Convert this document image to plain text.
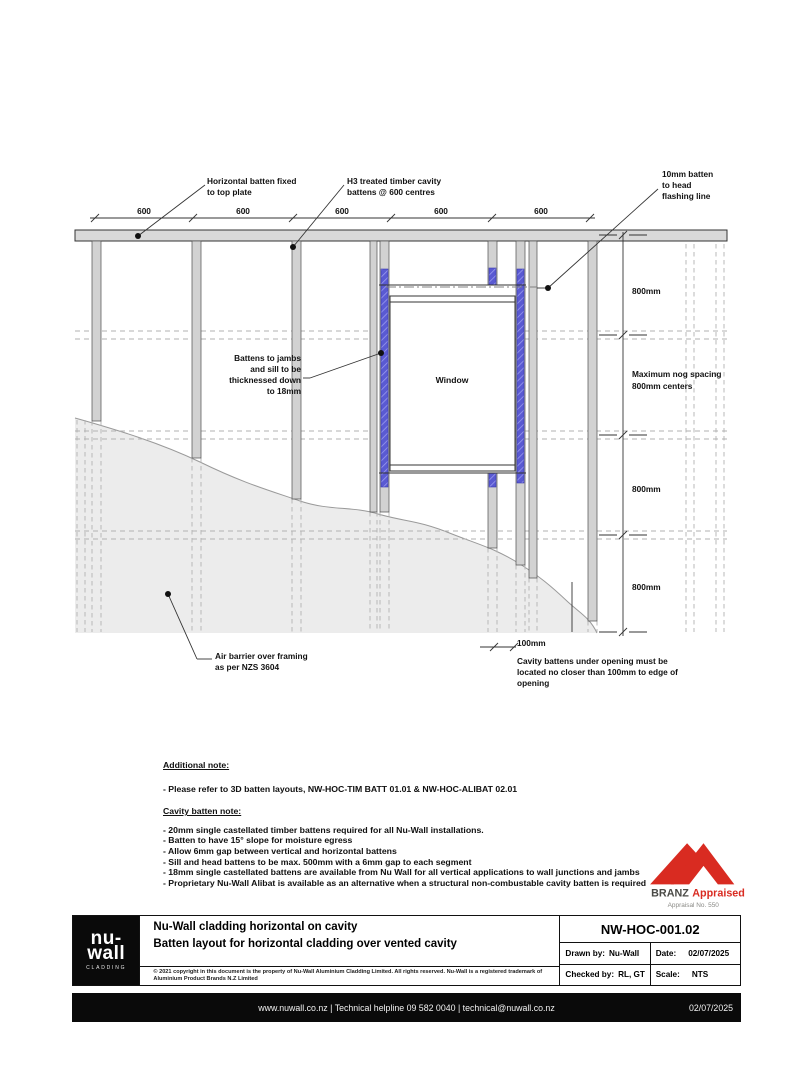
Window
600	600	600	600	600
800mm
Maximum nog spacing
800mm centers
800mm
800mm
100mm
Cavity battens under opening must be
located no closer than 100mm to edge of
opening
Horizontal batten fixed
to top plate
H3 treated timber cavity
battens @ 600 centres
10mm batten
to head
flashing line
Battens to jambs
and sill to be
thicknessed down
to 18mm
Air barrier over framing
as per NZS 3604
Additional note:
- Please refer to 3D batten layouts, NW-HOC-TIM BATT 01.01 & NW-HOC-ALIBAT 02.01
Cavity batten note:
- 20mm single castellated timber battens required for all Nu-Wall installations.
- Batten to have 15° slope for moisture egress
- Allow 6mm gap between vertical and horizontal battens
- Sill and head battens to be max. 500mm with a 6mm gap to each segment
- 18mm single castellated battens are available from Nu Wall for all vertical applications to wall junctions and jambs
- Proprietary Nu-Wall Alibat is available as an alternative when a structural non-combustable cavity batten is required
BRANZ Appraised
Appraisal No. 550
nu-
wall
CLADDING
Nu-Wall cladding horizontal on cavity
Batten layout for horizontal cladding over vented cavity
© 2021 copyright in this document is the property of Nu-Wall Aluminium Cladding Limited. All rights reserved. Nu-Wall is a registered trademark of Aluminium Product Brands N.Z Limited
NW-HOC-001.02
Drawn by: Nu-Wall Date: 02/07/2025
Checked by: RL, GT Scale: NTS
www.nuwall.co.nz | Technical helpline 09 582 0040 | technical@nuwall.co.nz	02/07/2025
